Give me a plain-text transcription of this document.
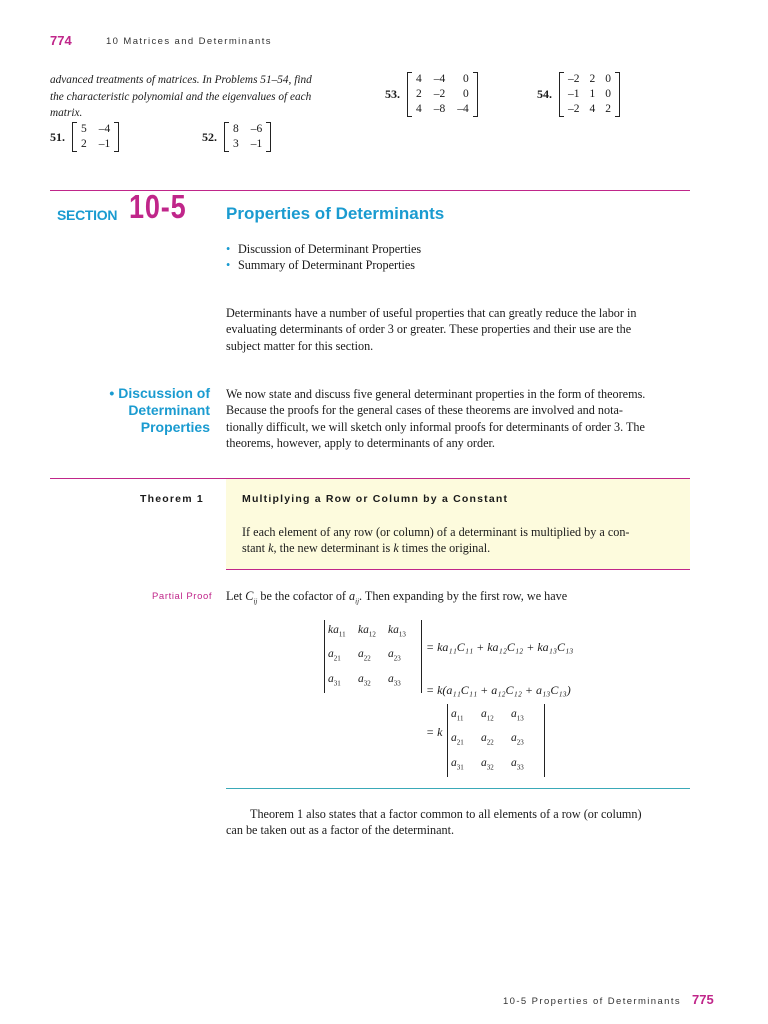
774	10 Matrices and Determinants
advanced treatments of matrices. In Problems 51–54, find
the characteristic polynomial and the eigenvalues of each
matrix.
51.
5 –4
2 –1
52.
8 –6
3 –1
53.
4 –4	0
2 –2	0
4 –8 –4
54.
–2 2 0
–1 1 0
–2 4 2
SECTION 10-5 Properties of Determinants
• Discussion of Determinant Properties
• Summary of Determinant Properties
Determinants have a number of useful properties that can greatly reduce the labor in
evaluating determinants of order 3 or greater. These properties and their use are the
subject matter for this section.
• Discussion of
Determinant
Properties
We now state and discuss five general determinant properties in the form of theorems.
Because the proofs for the general cases of these theorems are involved and nota-
tionally difficult, we will sketch only informal proofs for determinants of order 3. The
theorems, however, apply to determinants of any order.
Theorem 1	Multiplying a Row or Column by a Constant
If each element of any row (or column) of a determinant is multiplied by a con-
stant k, the new determinant is k times the original.
Partial Proof Let $C_{ij}$ be the cofactor of $a_{ij}$. Then expanding by the first row, we have
$ka_{11}$	$ka_{12}$	$ka_{13}$
$a_{21}$	$a_{22}$	$a_{23}$
$a_{31}$	$a_{32}$	$a_{33}$
= ka₁₁C₁₁ + ka₁₂C₁₂ + ka₁₃C₁₃
= k(a₁₁C₁₁ + a₁₂C₁₂ + a₁₃C₁₃)
= k
$a_{11}$	$a_{12}$	$a_{13}$
$a_{21}$	$a_{22}$	$a_{23}$
$a_{31}$	$a_{32}$	$a_{33}$
Theorem 1 also states that a factor common to all elements of a row (or column)
can be taken out as a factor of the determinant.
10-5 Properties of Determinants 775
